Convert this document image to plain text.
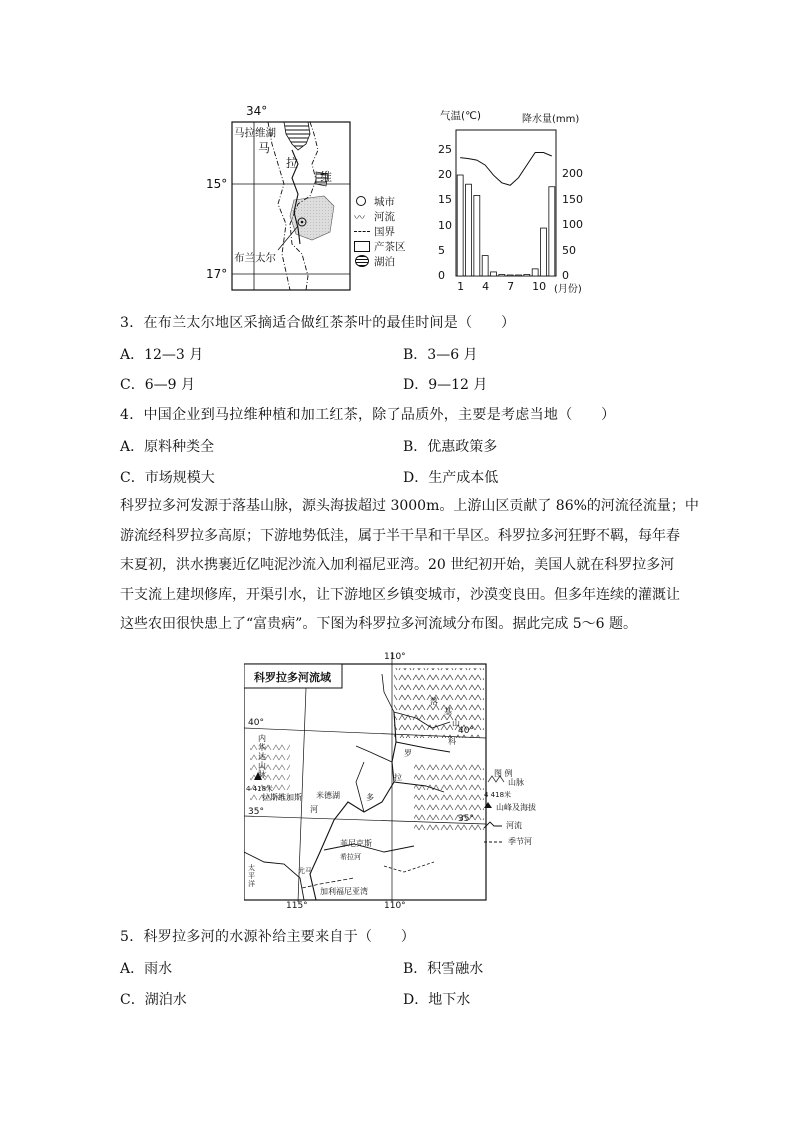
34°
马拉维湖
马
拉
维
15°
17°
布兰太尔
城市
〰 河流
国界
产茶区
湖泊
气温(℃)	降水量(mm)
25
20
15
10
5
0
200
150
100
50
0
1 4 7 10 (月份)
3．在布兰太尔地区采摘适合做红茶茶叶的最佳时间是（　　）
A．12—3 月	B．3—6 月
C．6—9 月	D．9—12 月
4．中国企业到马拉维种植和加工红茶，除了品质外，主要是考虑当地（　　）
A．原料种类全	B．优惠政策多
C．市场规模大	D．生产成本低
科罗拉多河发源于落基山脉，源头海拔超过 3000m。上游山区贡献了 86%的河流径流量；中
游流经科罗拉多高原；下游地势低洼，属于半干旱和干旱区。科罗拉多河狂野不羁，每年春
末夏初，洪水携裹近亿吨泥沙流入加利福尼亚湾。20 世纪初开始，美国人就在科罗拉多河
干支流上建坝修库，开渠引水，让下游地区乡镇变城市，沙漠变良田。但多年连续的灌溉让
这些农田很快患上了“富贵病”。下图为科罗拉多河流域分布图。据此完成 5～6 题。
科罗拉多河流域
110°
110°
115°
40°
40°
35°
35°
内
华
达
山
脉
4 418米
拉斯维加斯 米德湖
河
菲尼克斯
希拉河
尤马
太
平
洋
加利福尼亚湾
落
基
山
科
罗
拉
多
图 例
山脉
4 418米
山峰及海拔
河流
季节河
5．科罗拉多河的水源补给主要来自于（　　）
A．雨水	B．积雪融水
C．湖泊水	D．地下水
